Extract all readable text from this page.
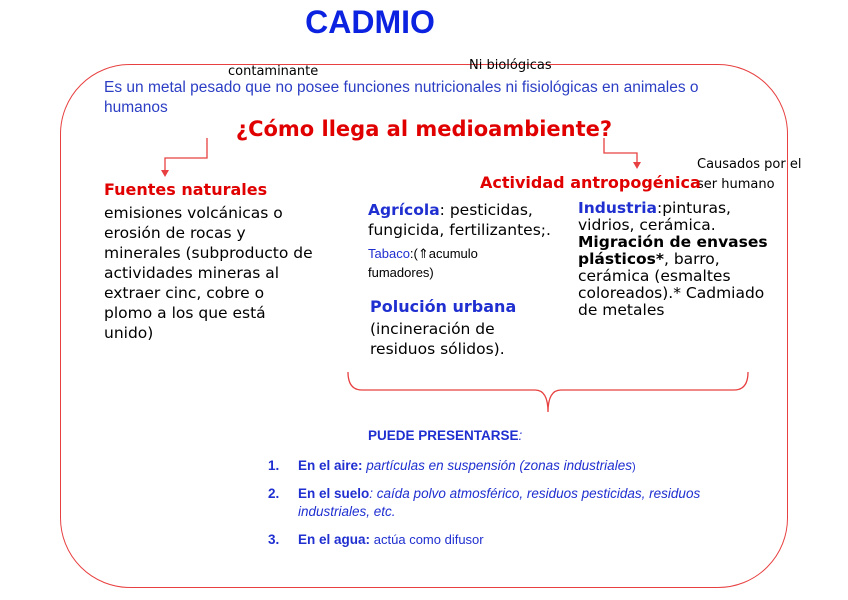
CADMIO
contaminante	Ni biológicas
Es un metal pesado que no posee funciones nutricionales ni fisiológicas en animales o humanos
¿Cómo llega al medioambiente?
Causados por el ser humano
Fuentes naturales
emisiones volcánicas o erosión de rocas y minerales (subproducto de actividades mineras al extraer cinc, cobre o plomo a los que está unido)
Actividad antropogénica
Agrícola: pesticidas, fungicida, fertilizantes;.
Tabaco:(⇑acumulo fumadores)
Polución urbana
(incineración de residuos sólidos).
Industria:pinturas, vidrios, cerámica. Migración de envases plásticos*, barro, cerámica (esmaltes coloreados).* Cadmiado de metales
PUEDE PRESENTARSE:
1. En el aire: partículas en suspensión (zonas industriales)
2. En el suelo: caída polvo atmosférico, residuos pesticidas, residuos industriales, etc.
3. En el agua: actúa como difusor
